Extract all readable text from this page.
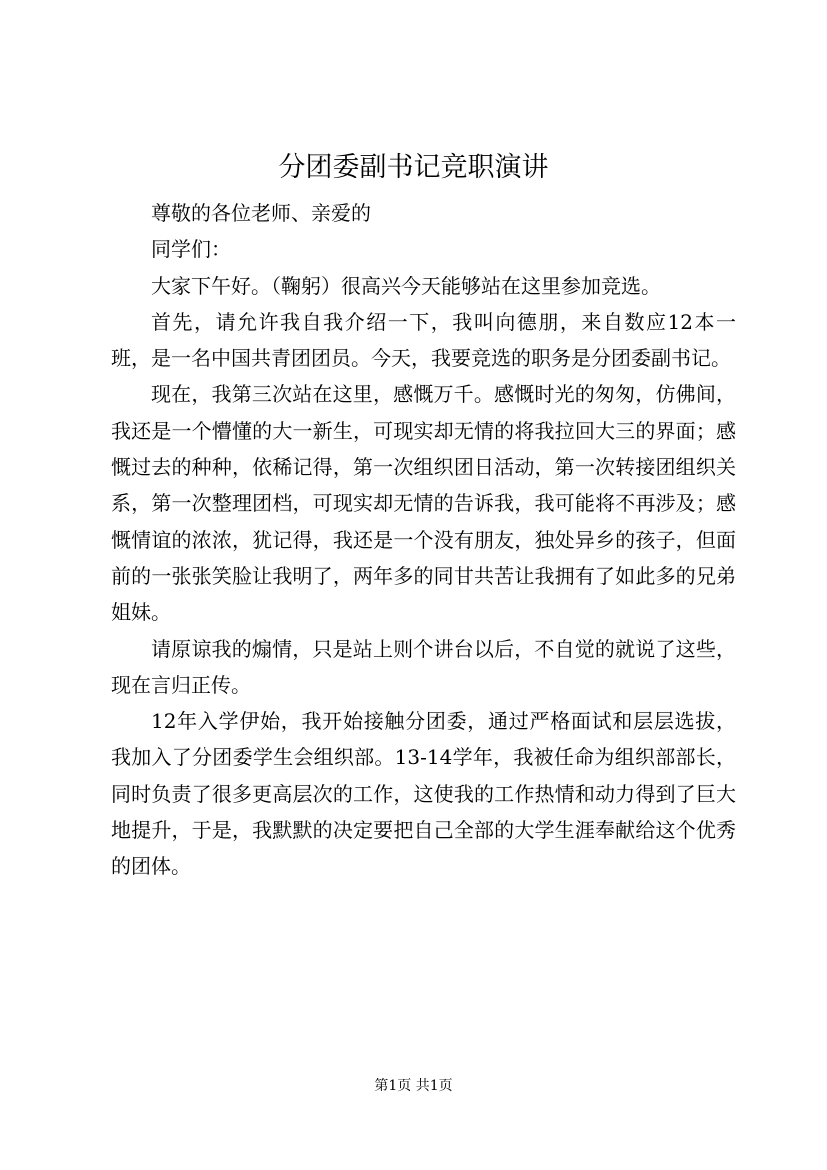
分团委副书记竞职演讲

尊敬的各位老师、亲爱的

同学们：

大家下午好。（鞠躬）很高兴今天能够站在这里参加竞选。

首先，请允许我自我介绍一下，我叫向德朋，来自数应12本一班，是一名中国共青团团员。今天，我要竞选的职务是分团委副书记。

现在，我第三次站在这里，感慨万千。感慨时光的匆匆，仿佛间，我还是一个懵懂的大一新生，可现实却无情的将我拉回大三的界面；感慨过去的种种，依稀记得，第一次组织团日活动，第一次转接团组织关系，第一次整理团档，可现实却无情的告诉我，我可能将不再涉及；感慨情谊的浓浓，犹记得，我还是一个没有朋友，独处异乡的孩子，但面前的一张张笑脸让我明了，两年多的同甘共苦让我拥有了如此多的兄弟姐妹。

请原谅我的煽情，只是站上则个讲台以后，不自觉的就说了这些，现在言归正传。

12年入学伊始，我开始接触分团委，通过严格面试和层层选拔，我加入了分团委学生会组织部。13-14学年，我被任命为组织部部长，同时负责了很多更高层次的工作，这使我的工作热情和动力得到了巨大地提升，于是，我默默的决定要把自己全部的大学生涯奉献给这个优秀的团体。

第1页 共1页
